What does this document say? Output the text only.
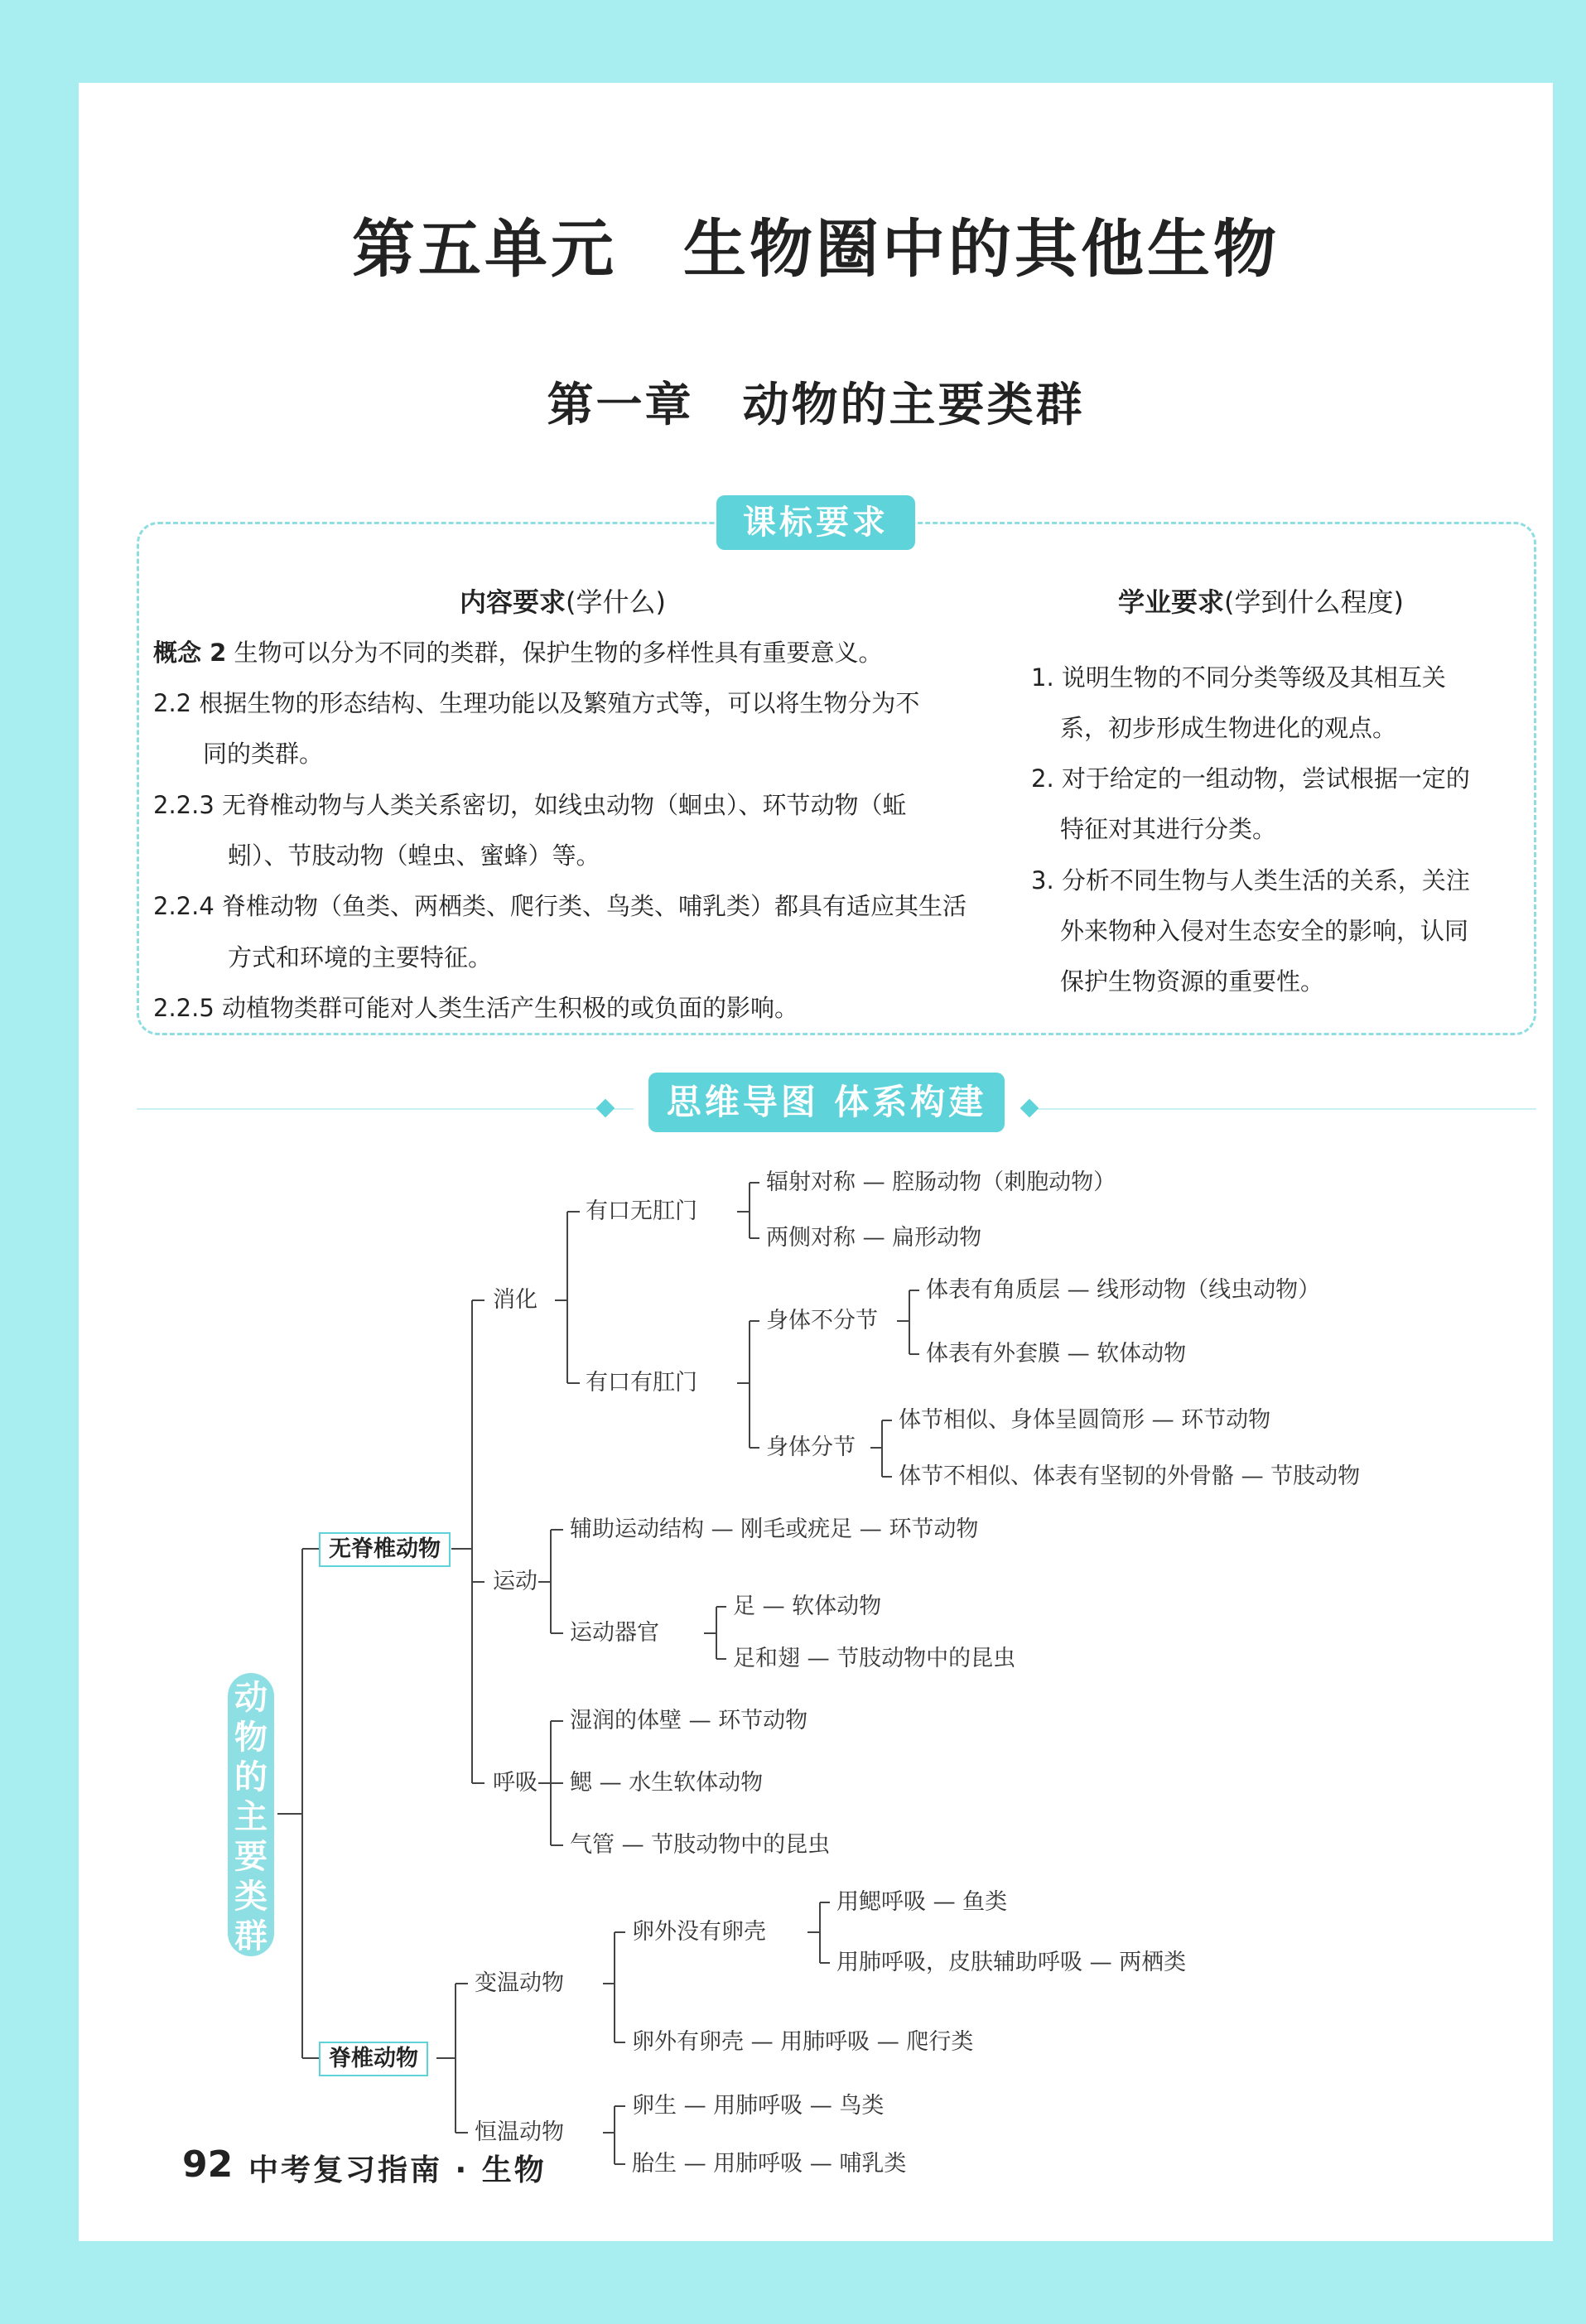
第五单元　生物圈中的其他生物
第一章　动物的主要类群
课标要求
内容要求(学什么)	学业要求(学到什么程度)
概念 2 生物可以分为不同的类群，保护生物的多样性具有重要意义。
2.2 根据生物的形态结构、生理功能以及繁殖方式等，可以将生物分为不
同的类群。
2.2.3 无脊椎动物与人类关系密切，如线虫动物（蛔虫）、环节动物（蚯
蚓）、节肢动物（蝗虫、蜜蜂）等。
2.2.4 脊椎动物（鱼类、两栖类、爬行类、鸟类、哺乳类）都具有适应其生活
方式和环境的主要特征。
2.2.5 动植物类群可能对人类生活产生积极的或负面的影响。
1. 说明生物的不同分类等级及其相互关
系，初步形成生物进化的观点。
2. 对于给定的一组动物，尝试根据一定的
特征对其进行分类。
3. 分析不同生物与人类生活的关系，关注
外来物种入侵对生态安全的影响，认同
保护生物资源的重要性。
思维导图 体系构建
动
物
的
主
要
类
群
无脊椎动物
脊椎动物
消化
有口无肛门
辐射对称 — 腔肠动物（刺胞动物）
两侧对称 — 扁形动物
有口有肛门
身体不分节
体表有角质层 — 线形动物（线虫动物）
体表有外套膜 — 软体动物
身体分节
体节相似、身体呈圆筒形 — 环节动物
体节不相似、体表有坚韧的外骨骼 — 节肢动物
运动
辅助运动结构 — 刚毛或疣足 — 环节动物
运动器官
足 — 软体动物
足和翅 — 节肢动物中的昆虫
呼吸
湿润的体壁 — 环节动物
鳃 — 水生软体动物
气管 — 节肢动物中的昆虫
变温动物
卵外没有卵壳
用鳃呼吸 — 鱼类
用肺呼吸，皮肤辅助呼吸 — 两栖类
卵外有卵壳 — 用肺呼吸 — 爬行类
恒温动物
卵生 — 用肺呼吸 — 鸟类
胎生 — 用肺呼吸 — 哺乳类
92 中考复习指南 · 生物
